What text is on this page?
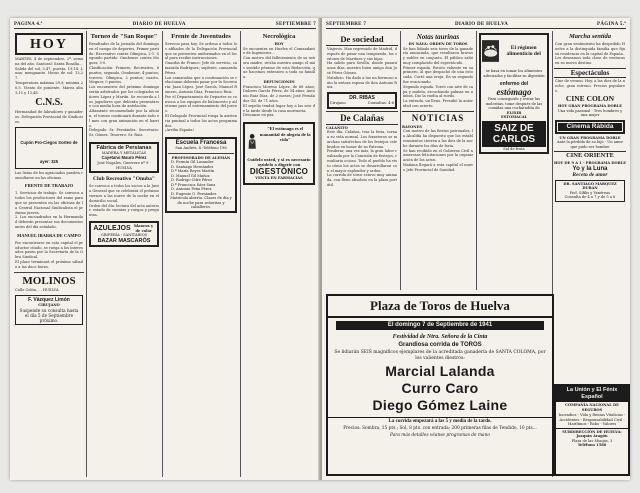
PAGINA 4.ª	DIARIO DE HUELVA	SEPTIEMBRE 7
HOY

MARTES, 4 de septiembre, 2ª. semana del año. Santoral: Santa Rosalía...

Salida del sol, 5,47; puesta, 19,14. Luna: menguante. Horas de sol: 13,27.

Temperatura máxima 29,8; mínima 20,5. Viento de poniente. Marea alta 1,15 y 13,48.

C.N.S.

Hermandad de labradores y ganaderos. Delegación Provincial de Sindicatos.

Cupón Pro-Ciegos Sorteo de ayer: 325

Las listas de los agraciados pueden consultarse en las oficinas.

FRENTE DE TRABAJO

1. Servicios de trabajo. Se convoca a todos los productores del ramo para que se presenten en las oficinas de la Central Nacional Sindicalista el próximo jueves.

2. Los encuadrados en la Hermandad deberán presentar sus documentos antes del día señalado.

MANUEL IBARRA DE CAMPO

Por encontrarse en esta capital el productor citado, se ruega a los interesados pasen por la Secretaría de la Obra Sindical.

El plazo terminará el próximo sábado a las doce horas.

MOLINOS

Calle Colón, ... HUELVA

F. Vázquez Limón
CIRUJANO
Suspende su consulta hasta el día 5 de Septiembre próximo.
Torneo de "San Roque"

Resultados de la jornada del domingo en el campo de deportes. Primer partido: Recreativo contra Olímpica, 2-1. Segundo partido: Onubense contra Moguer, 3-0.

Clasificación: Primero, Recreativo, 6 puntos; segundo, Onubense, 4 puntos; tercero, Olímpica, 2 puntos; cuarto, Moguer, 0 puntos.

Los encuentros del próximo domingo serán arbitrados por los colegiados señores López y Martín. Se recuerda a los jugadores que deberán presentarse con media hora de antelación.

Altamente recomendado por la afición, el torneo continuará durante todo el mes con gran animación en el barrio.

Delegado: Sr. Fernández. Secretario: Sr. Gómez. Tesorero: Sr. Ruiz.

Fábrica de Persianas
MADERA Y METÁLICAS
Cayetano Mauro Pérez
José Nogales, Guerrero nº 9 - HUELVA
Club Recreativo "Onuba"

Se convoca a todos los socios a la Junta General que se celebrará el próximo viernes a las nueve de la noche en el domicilio social.

Orden del día: lectura del acta anterior, estado de cuentas y ruegos y preguntas.

AZULEJOS	blancos y de color
GRIFERÍA - SANITARIOS
BAZAR MASCARÓS
Frente de Juventudes

Servicio para hoy. Se ordena a todos los afiliados de la Delegación Provincial que se presenten uniformados en el local para recibir instrucciones.

Guardia de Franco: Jefe de servicio, camarada Rodríguez; suplente, camarada Pérez.

Los camaradas que a continuación se relacionan deberán pasar por la Secretaría: Juan López, José García, Manuel Romero, Antonio Díaz, Francisco Ruiz.

Por el Departamento de Deportes se convoca a los equipos de baloncesto y atletismo para el entrenamiento del jueves.

El Delegado Provincial ruega la asistencia puntual a todos los actos programados.

¡Arriba España!

Escuela Francesa
San Andrés, 4.-Teléfono 196
PROFESORADO DE ALEMÁN
D. Fermín Gil Lasandre
D. Santiago Hernández
D.ª María Reyes Martín
D. Manuel Gil Muñoz
D. Rodrigo Cifre Pérez
D.ª Francisca Sáez Sanz
D. Antonio Peña Pérez
D. Eugenio G. Fernández
Matrícula abierta. Clases de día y de noche para señoritas y caballeros.
Necrológica
HOY

Se encuentra en Huelva el Comandante de Ingenieros...

Con motivo del fallecimiento de su señora madre, reciba nuestro amigo el más sentido pésame de esta Redacción, que hacemos extensivo a toda su familia.

DEFUNCIONES

Francisco Moreno López, de 68 años; Dolores García Pérez, de 54 años; Antonio Ruiz Díaz, de 2 meses; José Fernández Gil, de 71 años.

El sepelio tendrá lugar hoy a las seis de la tarde desde la casa mortuoria.

Descanse en paz.

"El estómago es el manantial de alegría de la vida"
Cuídelo usted, y si es necesario ayúdelo a digerir con
DIGESTÓNICO
VENTA EN FARMACIAS
SEPTIEMBRE 7	DIARIO DE HUELVA	PÁGINA 5.ª
De sociedad

Viajeros. Han regresado de Madrid, después de pasar una temporada, los señores de Martínez y sus hijas.

Ha salido para Sevilla, donde pasará unos días, nuestro buen amigo don José Pérez Gómez.

Natalicio. Ha dado a luz un hermoso niño la señora esposa de don Antonio Ruiz.

DR. RIBAS
Cirujano	Consultas: 4-6
De Calañas
CALAÑITO

Este día, Calañas, tras la feria, torna a su vida normal. Los forasteros se marchan satisfechos de los festejos celebrados en honor de su Patrona.

Ponderar, una vez más, la gran labor realizada por la Comisión de festejos, resultaría ocioso. Todo el pueblo ha visto cómo los actos se desarrollaron con el mayor esplendor y orden.

La corrida de toros estuvo muy animada, con lleno absoluto en la plaza portátil.

Notas taurinas
EN NAVA: ORDEN DE TOROS

Se han lidiado seis toros de la ganadería anunciada, que resultaron bravos y nobles en conjunto. El público salió muy complacido del espectáculo.

Primer espada. Estuvo valiente en su primero, al que despachó de una estocada. Cortó una oreja. En su segundo fue ovacionado.

Segundo espada. Toreó con arte de capa y muleta, escuchando palmas en ambos. Dio la vuelta al ruedo.

La entrada, un lleno. Presidió la autoridad con acierto.

NOTICIAS
RAYONES

Con motivo de las fiestas patronales, la Alcaldía ha dispuesto que los establecimientos cierren a las diez de la noche durante los días de feria.

Se han recibido en el Gobierno Civil numerosas felicitaciones por la organización de los actos.

Mañana llegará a esta capital el nuevo Jefe Provincial de Sanidad.

El régimen alimenticio del
se basa en tomar los alimentos adecuados y facilitar su digestión
enfermo del
estómago
Para conseguirlo y evitar las molestias, tome después de las comidas una cucharadita de
ELIXIR
ESTOMACAL
SAIZ DE CARLOS
Sal de fruta
Marcha sentida

Con gran sentimiento ha despedido Huelva a la distinguida familia que fija su residencia en la capital de España.

Les deseamos toda clase de venturas en su nuevo destino.

Espectáculos

Cine de verano. Hoy, a las diez de la noche, gran estreno. Precios populares.

CINE COLON
HOY GRAN PROGRAMA DOBLE
Una vida pasional - Tres hombres y una mujer
Cinema Rábida
UN GRAN PROGRAMA DOBLE
Ante la pérdida de su hijo - Un amor que pudo ser hombre
CINE ORIENTE
HOY DE 9 A 1 - PROGRAMA DOBLE
Yo y la Luna
Receta de amor
DR. SANTIAGO MARQUEZ DURÁN
Piel, Sífilis y Venéreas
Consulta de 4 a 7 y de 5 a 6
Plaza de Toros de Huelva
El domingo 7 de Septiembre de 1941
Festividad de Ntra. Señora de la Cinta
Grandiosa corrida de TOROS
Se lidiarán SEIS magníficos ejemplares de la acreditada ganadería de SANTA COLOMA, por los valientes diestros:
Marcial Lalanda
Curro Caro
Diego Gómez Laine
La corrida empezará a las 5 y media de la tarde.
Precios: Sombra, 15 pts.; Sol, 8 pts. con entrada; 200 primeras filas de Tendido, 10 pts...
Para más detalles véanse programas de mano
La Unión y El Fénix Español
COMPAÑÍA NACIONAL DE SEGUROS
Incendios - Vida y Rentas Vitalicias - Accidentes - Responsabilidad Civil - Marítimos - Robo - Valores
SUBDIRECCIÓN DE HUELVA: Joaquín Aragón
Plaza de las Monjas, 3
Teléfono 1580
